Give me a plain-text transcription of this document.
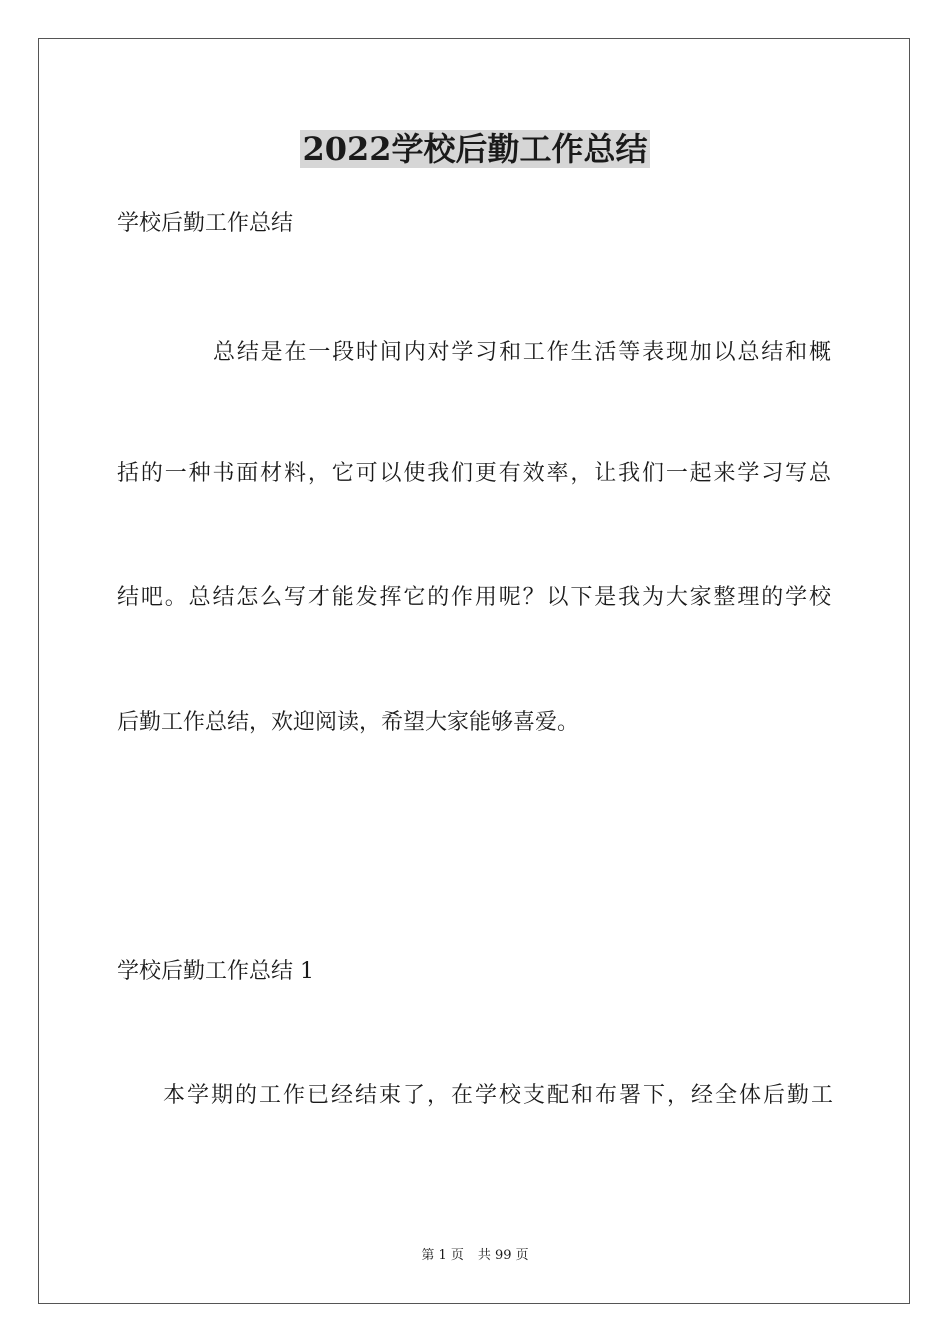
2022学校后勤工作总结

学校后勤工作总结

总结是在一段时间内对学习和工作生活等表现加以总结和概

括的一种书面材料，它可以使我们更有效率，让我们一起来学习写总

结吧。总结怎么写才能发挥它的作用呢？以下是我为大家整理的学校

后勤工作总结，欢迎阅读，希望大家能够喜爱。

学校后勤工作总结 1

本学期的工作已经结束了，在学校支配和布署下，经全体后勤工

第 1 页 共 99 页
